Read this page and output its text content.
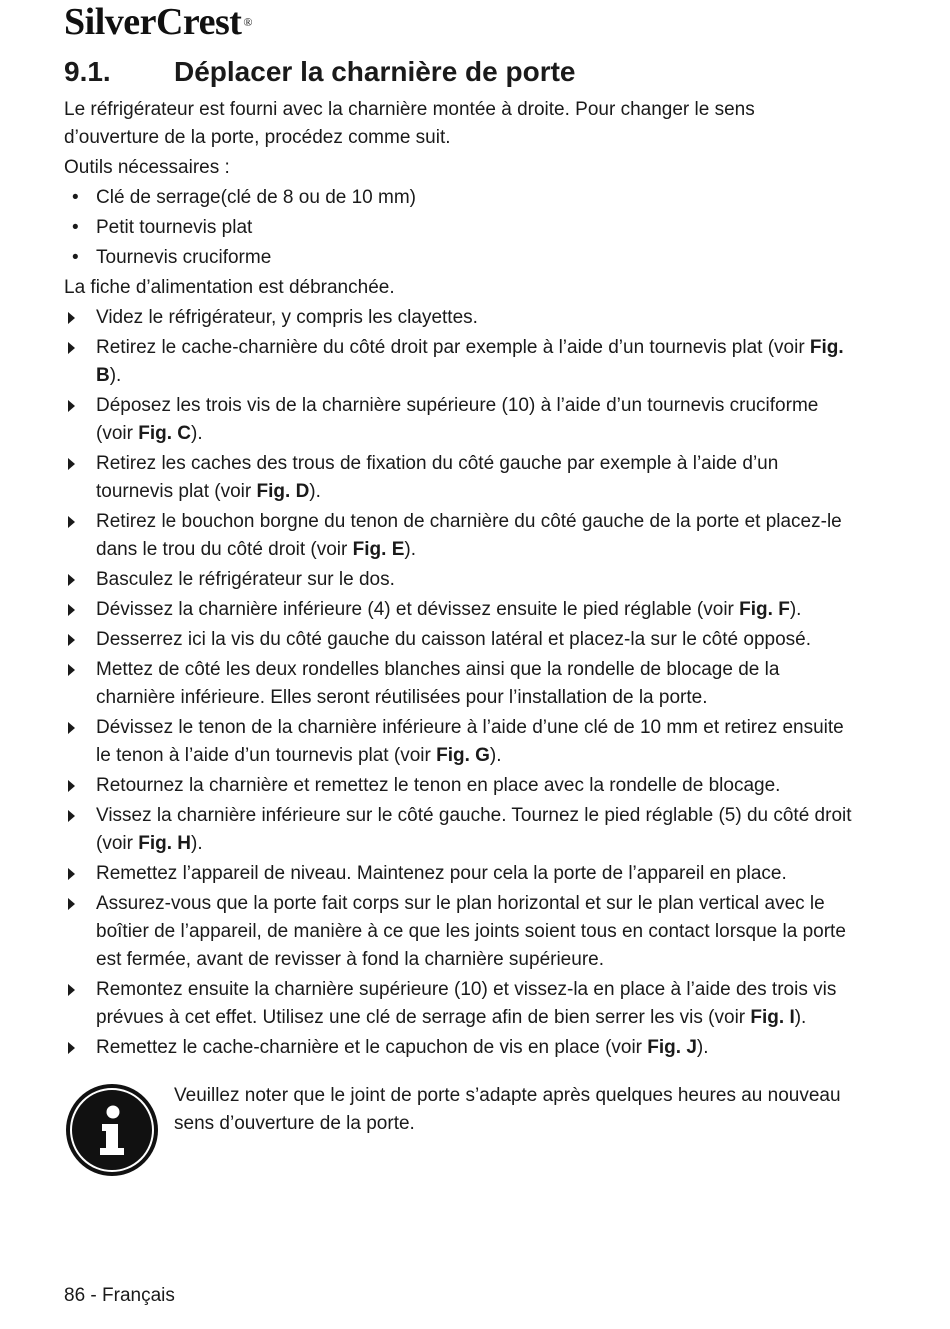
SilverCrest ®
9.1. Déplacer la charnière de porte

Le réfrigérateur est fourni avec la charnière montée à droite. Pour changer le sens d’ouverture de la porte, procédez comme suit.

Outils nécessaires :

• Clé de serrage(clé de 8 ou de 10 mm)
• Petit tournevis plat
• Tournevis cruciforme

La fiche d’alimentation est débranchée.

Videz le réfrigérateur, y compris les clayettes.
Retirez le cache-charnière du côté droit par exemple à l’aide d’un tournevis plat (voir Fig. B).
Déposez les trois vis de la charnière supérieure (10) à l’aide d’un tournevis cruciforme (voir Fig. C).
Retirez les caches des trous de fixation du côté gauche par exemple à l’aide d’un tournevis plat (voir Fig. D).
Retirez le bouchon borgne du tenon de charnière du côté gauche de la porte et placez-le dans le trou du côté droit (voir Fig. E).
Basculez le réfrigérateur sur le dos.
Dévissez la charnière inférieure (4) et dévissez ensuite le pied réglable (voir Fig. F).
Desserrez ici la vis du côté gauche du caisson latéral et placez-la sur le côté opposé.
Mettez de côté les deux rondelles blanches ainsi que la rondelle de blocage de la charnière inférieure. Elles seront réutilisées pour l’installation de la porte.
Dévissez le tenon de la charnière inférieure à l’aide d’une clé de 10 mm et retirez ensuite le tenon à l’aide d’un tournevis plat (voir Fig. G).
Retournez la charnière et remettez le tenon en place avec la rondelle de blocage.
Vissez la charnière inférieure sur le côté gauche. Tournez le pied réglable (5) du côté droit (voir Fig. H).
Remettez l’appareil de niveau. Maintenez pour cela la porte de l’appareil en place.
Assurez-vous que la porte fait corps sur le plan horizontal et sur le plan vertical avec le boîtier de l’appareil, de manière à ce que les joints soient tous en contact lorsque la porte est fermée, avant de revisser à fond la charnière supérieure.
Remontez ensuite la charnière supérieure (10) et vissez-la en place à l’aide des trois vis prévues à cet effet. Utilisez une clé de serrage afin de bien serrer les vis (voir Fig. I).
Remettez le cache-charnière et le capuchon de vis en place (voir Fig. J).
Veuillez noter que le joint de porte s’adapte après quelques heures au nouveau sens d’ouverture de la porte.
86 - Français
